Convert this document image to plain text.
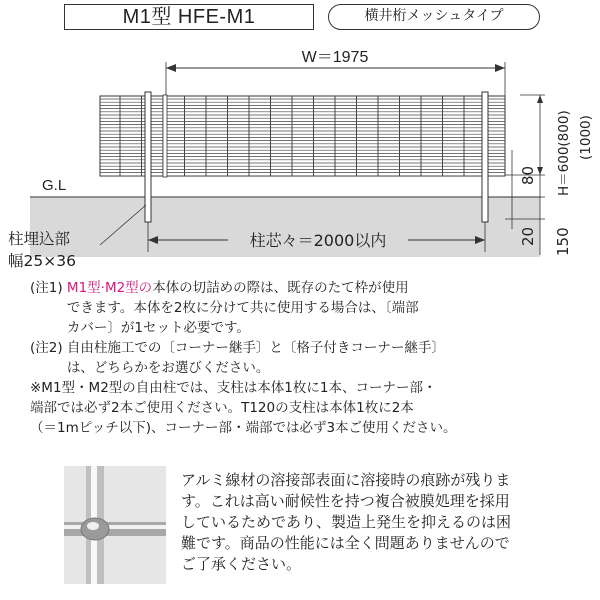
M1型 HFE-M1	横井桁メッシュタイプ
W＝1975
G.L
柱芯々＝2000以内
柱埋込部
幅25×36
80
20 150
H＝600(800) (1000)
(注1) M1型·M2型の本体の切詰めの際は、既存のたて枠が使用
できます。本体を2枚に分けて共に使用する場合は、〔端部
カバー〕が1セット必要です。
(注2) 自由柱施工での〔コーナー継手〕と〔格子付きコーナー継手〕
は、どちらかをお選びください。
※M1型・M2型の自由柱では、支柱は本体1枚に1本、コーナー部・
端部では必ず2本ご使用ください。T120の支柱は本体1枚に2本
（＝1mピッチ以下)、コーナー部・端部では必ず3本ご使用ください。
アルミ線材の溶接部表面に溶接時の痕跡が残りま
す。これは高い耐候性を持つ複合被膜処理を採用
しているためであり、製造上発生を抑えるのは困
難です。商品の性能には全く問題ありませんので
ご了承ください。
